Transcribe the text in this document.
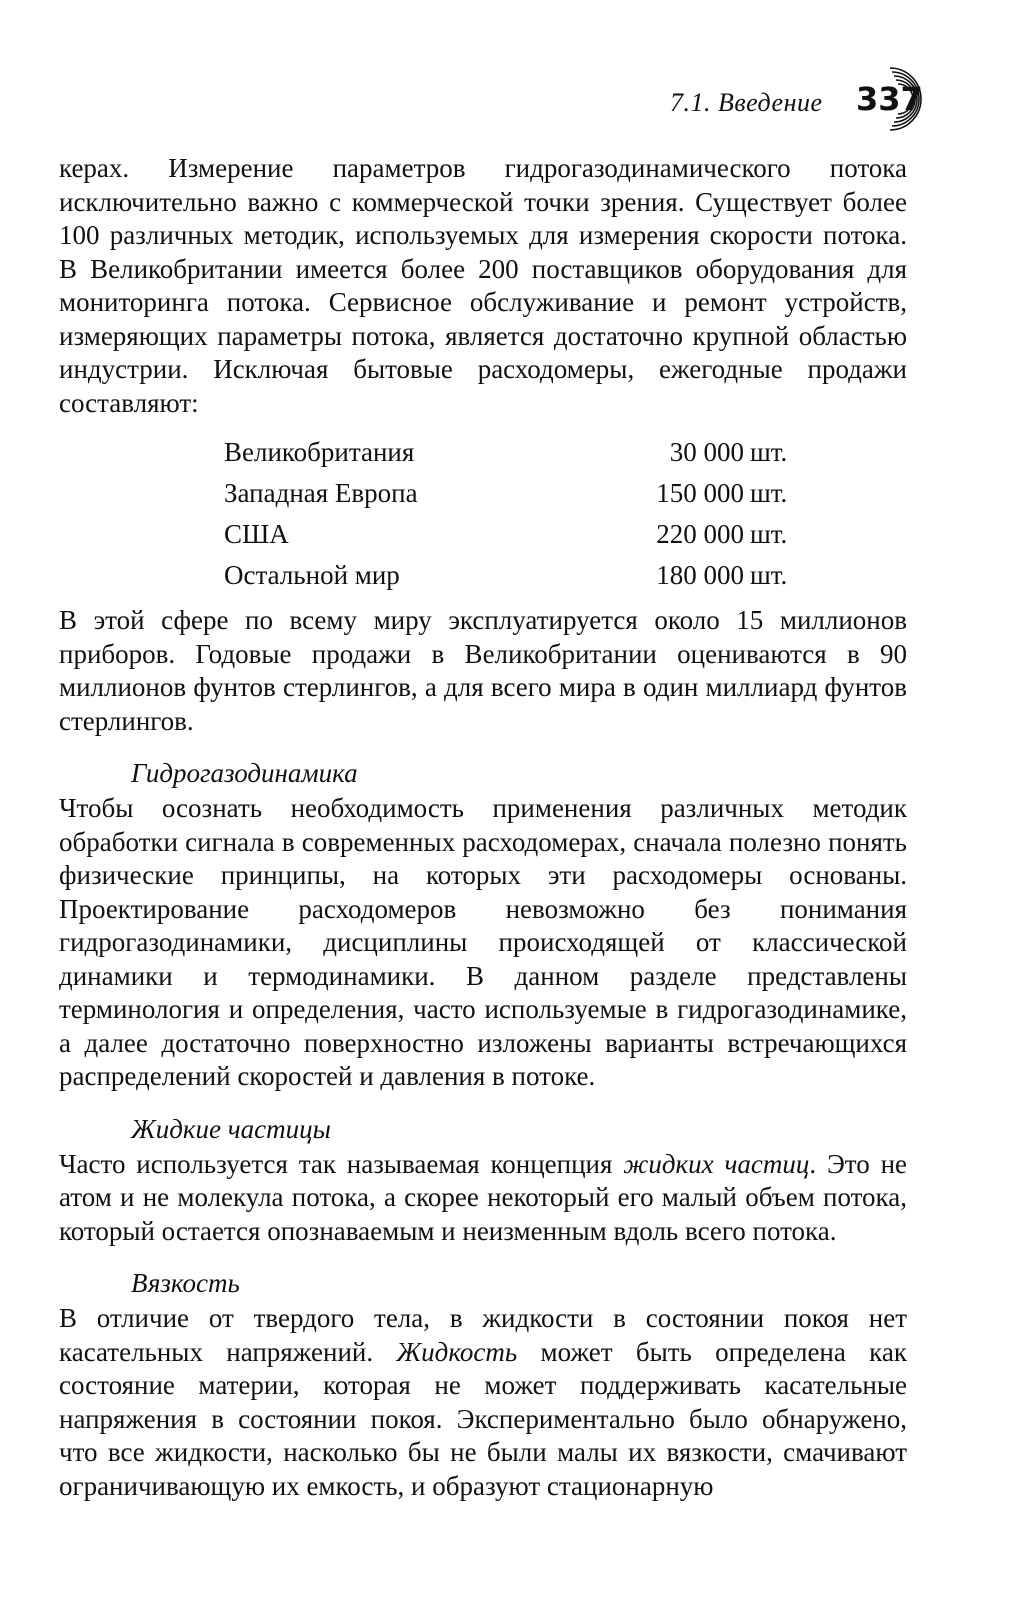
7.1. Введение 337

керах. Измерение параметров гидрогазодинамического потока исключительно важно с коммерческой точки зрения. Существует более 100 различных методик, используемых для измерения скорости потока. В Великобритании имеется более 200 поставщиков оборудования для мониторинга потока. Сервисное обслуживание и ремонт устройств, измеряющих параметры потока, является достаточно крупной областью индустрии. Исключая бытовые расходомеры, ежегодные продажи составляют:

Великобритания	30 000	шт.
Западная Европа	150 000	шт.
США	220 000	шт.
Остальной мир	180 000	шт.

В этой сфере по всему миру эксплуатируется около 15 миллионов приборов. Годовые продажи в Великобритании оцениваются в 90 миллионов фунтов стерлингов, а для всего мира в один миллиард фунтов стерлингов.

Гидрогазодинамика

Чтобы осознать необходимость применения различных методик обработки сигнала в современных расходомерах, сначала полезно понять физические принципы, на которых эти расходомеры основаны. Проектирование расходомеров невозможно без понимания гидрогазодинамики, дисциплины происходящей от классической динамики и термодинамики. В данном разделе представлены терминология и определения, часто используемые в гидрогазодинамике, а далее достаточно поверхностно изложены варианты встречающихся распределений скоростей и давления в потоке.

Жидкие частицы

Часто используется так называемая концепция жидких частиц. Это не атом и не молекула потока, а скорее некоторый его малый объем потока, который остается опознаваемым и неизменным вдоль всего потока.

Вязкость

В отличие от твердого тела, в жидкости в состоянии покоя нет касательных напряжений. Жидкость может быть определена как состояние материи, которая не может поддерживать касательные напряжения в состоянии покоя. Экспериментально было обнаружено, что все жидкости, насколько бы не были малы их вязкости, смачивают ограничивающую их емкость, и образуют стационарную
